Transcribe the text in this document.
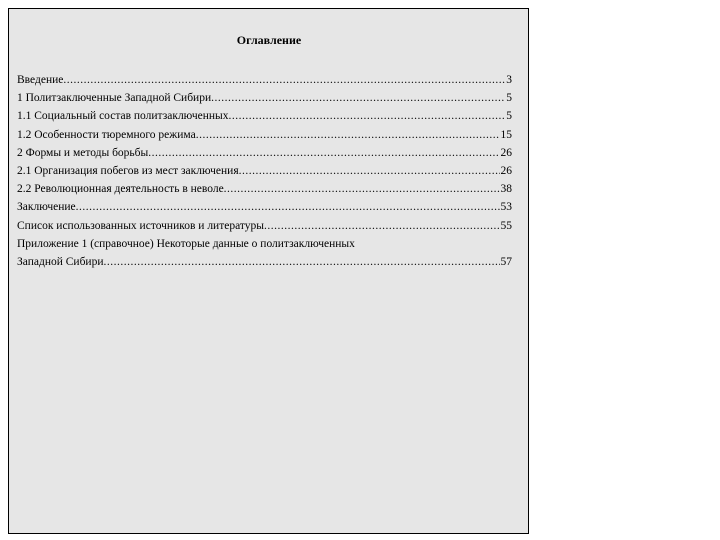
Оглавление
Введение .....	3
1 Политзаключенные Западной Сибири .....	5
1.1 Социальный состав политзаключенных .....	5
1.2 Особенности тюремного режима .....	15
2 Формы и методы борьбы .....	26
2.1 Организация побегов из мест заключения .....	26
2.2 Революционная деятельность в неволе .....	38
Заключение .....	53
Список использованных источников и литературы .....	55
Приложение 1 (справочное) Некоторые данные о политзаключенных
Западной Сибири .....	57
